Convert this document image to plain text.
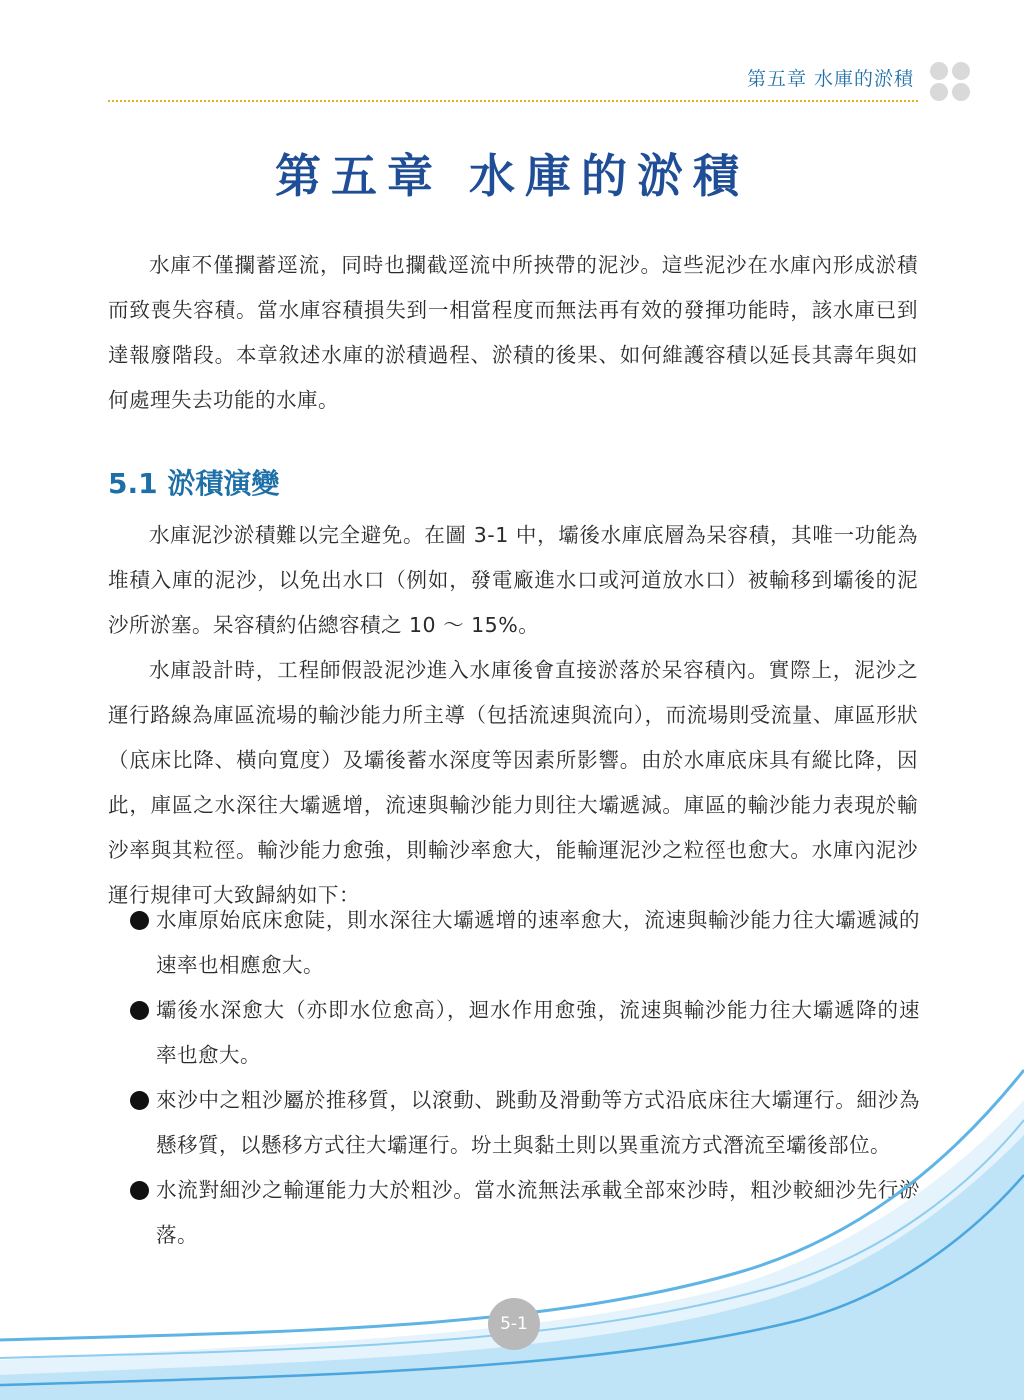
第五章 水庫的淤積
第五章 水庫的淤積

水庫不僅攔蓄逕流，同時也攔截逕流中所挾帶的泥沙。這些泥沙在水庫內形成淤積而致喪失容積。當水庫容積損失到一相當程度而無法再有效的發揮功能時，該水庫已到達報廢階段。本章敘述水庫的淤積過程、淤積的後果、如何維護容積以延長其壽年與如何處理失去功能的水庫。

5.1 淤積演變

水庫泥沙淤積難以完全避免。在圖 3-1 中，壩後水庫底層為呆容積，其唯一功能為堆積入庫的泥沙，以免出水口（例如，發電廠進水口或河道放水口）被輸移到壩後的泥沙所淤塞。呆容積約佔總容積之 10 ～ 15%。

水庫設計時，工程師假設泥沙進入水庫後會直接淤落於呆容積內。實際上，泥沙之運行路線為庫區流場的輸沙能力所主導（包括流速與流向），而流場則受流量、庫區形狀（底床比降、橫向寬度）及壩後蓄水深度等因素所影響。由於水庫底床具有縱比降，因此，庫區之水深往大壩遞增，流速與輸沙能力則往大壩遞減。庫區的輸沙能力表現於輸沙率與其粒徑。輸沙能力愈強，則輸沙率愈大，能輸運泥沙之粒徑也愈大。水庫內泥沙運行規律可大致歸納如下：

水庫原始底床愈陡，則水深往大壩遞增的速率愈大，流速與輸沙能力往大壩遞減的速率也相應愈大。
壩後水深愈大（亦即水位愈高），迴水作用愈強，流速與輸沙能力往大壩遞降的速率也愈大。
來沙中之粗沙屬於推移質，以滾動、跳動及滑動等方式沿底床往大壩運行。細沙為懸移質，以懸移方式往大壩運行。坋土與黏土則以異重流方式潛流至壩後部位。
水流對細沙之輸運能力大於粗沙。當水流無法承載全部來沙時，粗沙較細沙先行淤落。
5-1
